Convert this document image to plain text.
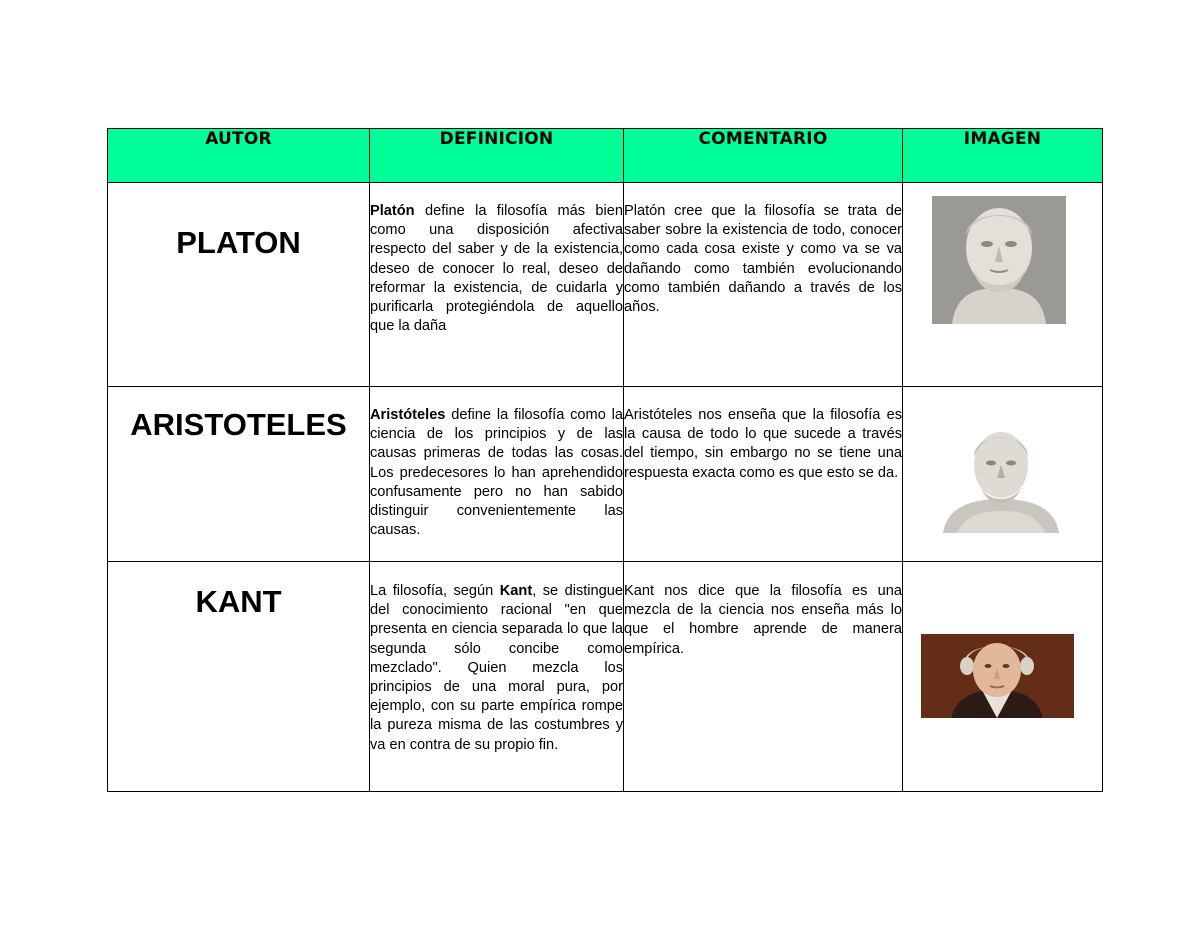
AUTOR	DEFINICION	COMENTARIO	IMAGEN

PLATON	Platón define la filosofía más bien como una disposición afectiva respecto del saber y de la existencia, deseo de conocer lo real, deseo de reformar la existencia, de cuidarla y purificarla protegiéndola de aquello que la daña	Platón cree que la filosofía se trata de saber sobre la existencia de todo, conocer como cada cosa existe y como va se va dañando como también evolucionando como también dañando a través de los años.

ARISTOTELES	Aristóteles define la filosofía como la ciencia de los principios y de las causas primeras de todas las cosas. Los predecesores lo han aprehendido confusamente pero no han sabido distinguir convenientemente las causas.	Aristóteles nos enseña que la filosofía es la causa de todo lo que sucede a través del tiempo, sin embargo no se tiene una respuesta exacta como es que esto se da.

KANT	La filosofía, según Kant, se distingue del conocimiento racional "en que presenta en ciencia separada lo que la segunda sólo concibe como mezclado". Quien mezcla los principios de una moral pura, por ejemplo, con su parte empírica rompe la pureza misma de las costumbres y va en contra de su propio fin.	Kant nos dice que la filosofía es una mezcla de la ciencia nos enseña más lo que el hombre aprende de manera empírica.
